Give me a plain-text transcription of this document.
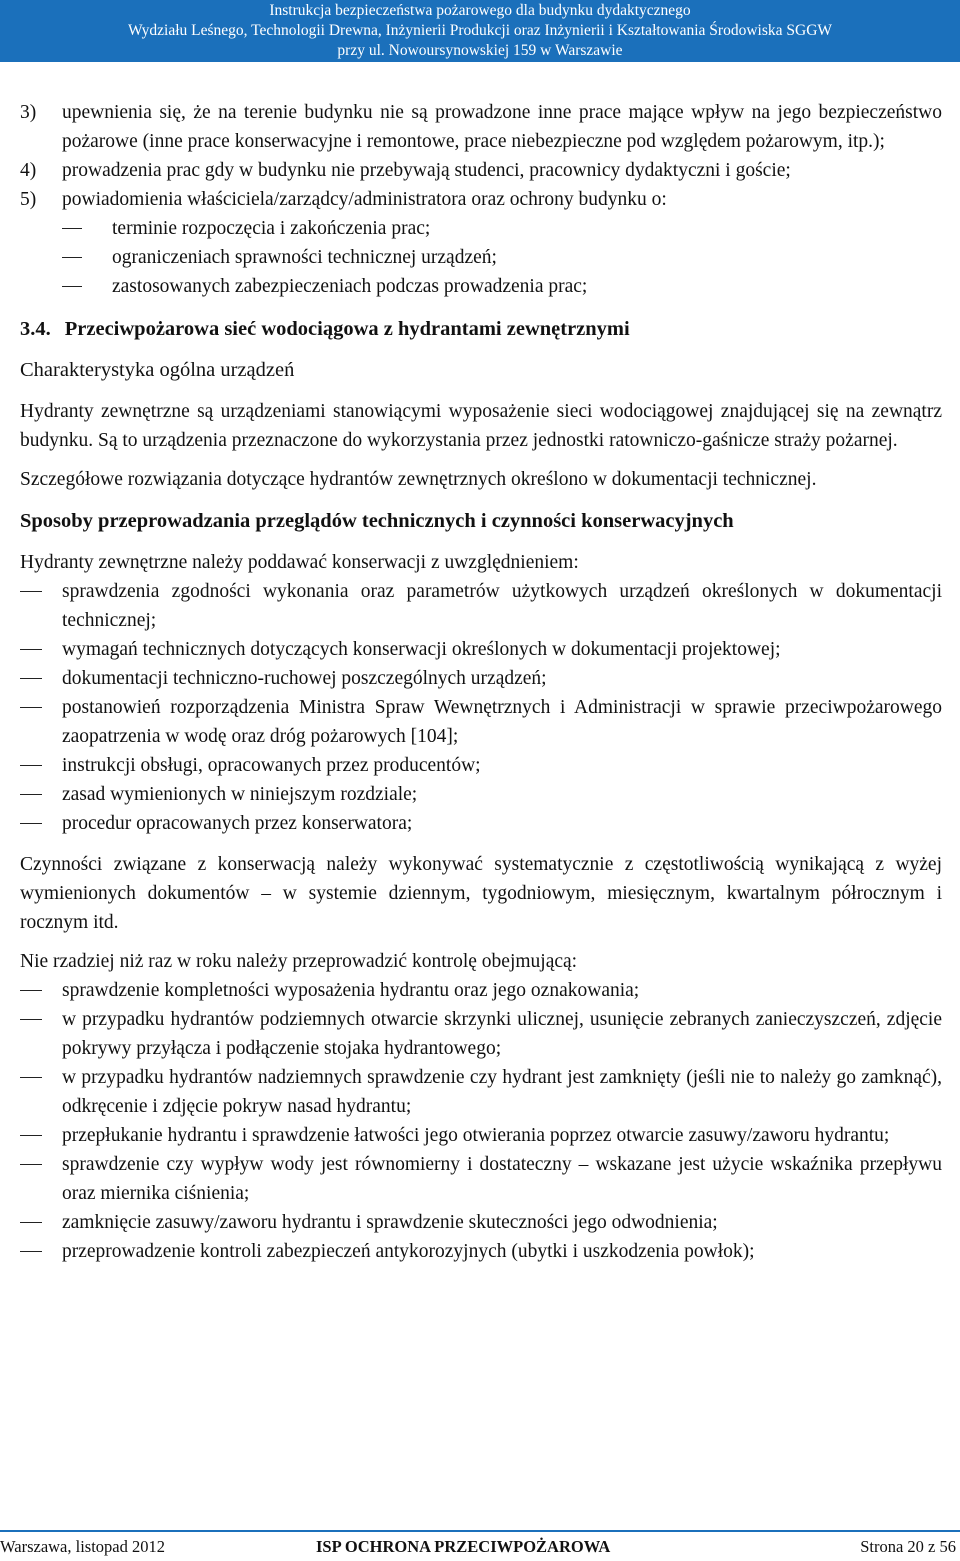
Instrukcja bezpieczeństwa pożarowego dla budynku dydaktycznego
Wydziału Leśnego, Technologii Drewna, Inżynierii Produkcji oraz Inżynierii i Kształtowania Środowiska SGGW
przy ul. Nowoursynowskiej 159 w Warszawie
3) upewnienia się, że na terenie budynku nie są prowadzone inne prace mające wpływ na jego bezpieczeństwo pożarowe (inne prace konserwacyjne i remontowe, prace niebezpieczne pod względem pożarowym, itp.);
4) prowadzenia prac gdy w budynku nie przebywają studenci, pracownicy dydaktyczni i goście;
5) powiadomienia właściciela/zarządcy/administratora oraz ochrony budynku o:
terminie rozpoczęcia i zakończenia prac;
ograniczeniach sprawności technicznej urządzeń;
zastosowanych zabezpieczeniach podczas prowadzenia prac;
3.4. Przeciwpożarowa sieć wodociągowa z hydrantami zewnętrznymi
Charakterystyka ogólna urządzeń

Hydranty zewnętrzne są urządzeniami stanowiącymi wyposażenie sieci wodociągowej znajdującej się na zewnątrz budynku. Są to urządzenia przeznaczone do wykorzystania przez jednostki ratowniczo-gaśnicze straży pożarnej.

Szczegółowe rozwiązania dotyczące hydrantów zewnętrznych określono w dokumentacji technicznej.

Sposoby przeprowadzania przeglądów technicznych i czynności konserwacyjnych

Hydranty zewnętrzne należy poddawać konserwacji z uwzględnieniem:

sprawdzenia zgodności wykonania oraz parametrów użytkowych urządzeń określonych w dokumentacji technicznej;
wymagań technicznych dotyczących konserwacji określonych w dokumentacji projektowej;
dokumentacji techniczno-ruchowej poszczególnych urządzeń;
postanowień rozporządzenia Ministra Spraw Wewnętrznych i Administracji w sprawie przeciwpożarowego zaopatrzenia w wodę oraz dróg pożarowych [104];
instrukcji obsługi, opracowanych przez producentów;
zasad wymienionych w niniejszym rozdziale;
procedur opracowanych przez konserwatora;

Czynności związane z konserwacją należy wykonywać systematycznie z częstotliwością wynikającą z wyżej wymienionych dokumentów – w systemie dziennym, tygodniowym, miesięcznym, kwartalnym półrocznym i rocznym itd.

Nie rzadziej niż raz w roku należy przeprowadzić kontrolę obejmującą:

sprawdzenie kompletności wyposażenia hydrantu oraz jego oznakowania;
w przypadku hydrantów podziemnych otwarcie skrzynki ulicznej, usunięcie zebranych zanieczyszczeń, zdjęcie pokrywy przyłącza i podłączenie stojaka hydrantowego;
w przypadku hydrantów nadziemnych sprawdzenie czy hydrant jest zamknięty (jeśli nie to należy go zamknąć), odkręcenie i zdjęcie pokryw nasad hydrantu;
przepłukanie hydrantu i sprawdzenie łatwości jego otwierania poprzez otwarcie zasuwy/zaworu hydrantu;
sprawdzenie czy wypływ wody jest równomierny i dostateczny – wskazane jest użycie wskaźnika przepływu oraz miernika ciśnienia;
zamknięcie zasuwy/zaworu hydrantu i sprawdzenie skuteczności jego odwodnienia;
przeprowadzenie kontroli zabezpieczeń antykorozyjnych (ubytki i uszkodzenia powłok);
Warszawa, listopad 2012	ISP OCHRONA PRZECIWPOŻAROWA	Strona 20 z 56
